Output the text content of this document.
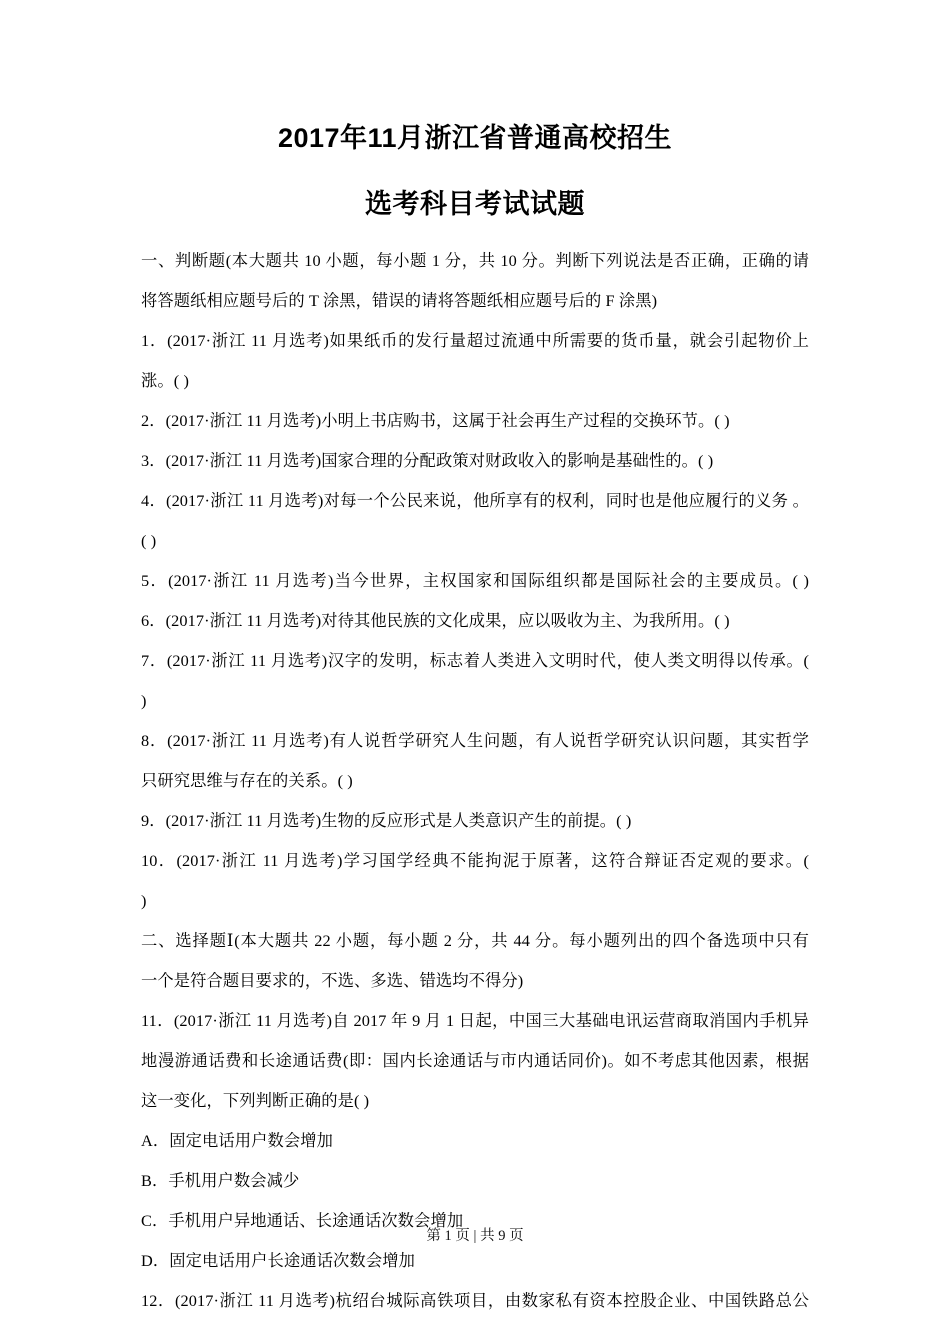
2017年11月浙江省普通高校招生
选考科目考试试题
一、判断题(本大题共 10 小题，每小题 1 分，共 10 分。判断下列说法是否正确，正确的请
将答题纸相应题号后的 T 涂黑，错误的请将答题纸相应题号后的 F 涂黑)
1．(2017·浙江 11 月选考)如果纸币的发行量超过流通中所需要的货币量，就会引起物价上
涨。( )
2．(2017·浙江 11 月选考)小明上书店购书，这属于社会再生产过程的交换环节。( )
3．(2017·浙江 11 月选考)国家合理的分配政策对财政收入的影响是基础性的。( )
4．(2017·浙江 11 月选考)对每一个公民来说，他所享有的权利，同时也是他应履行的义务 。
( )
5．(2017·浙江 11 月选考)当今世界，主权国家和国际组织都是国际社会的主要成员。( )
6．(2017·浙江 11 月选考)对待其他民族的文化成果，应以吸收为主、为我所用。( )
7．(2017·浙江 11 月选考)汉字的发明，标志着人类进入文明时代，使人类文明得以传承。(
)
8．(2017·浙江 11 月选考)有人说哲学研究人生问题，有人说哲学研究认识问题，其实哲学
只研究思维与存在的关系。( )
9．(2017·浙江 11 月选考)生物的反应形式是人类意识产生的前提。( )
10．(2017·浙江 11 月选考)学习国学经典不能拘泥于原著，这符合辩证否定观的要求。(
)
二、选择题Ⅰ(本大题共 22 小题，每小题 2 分，共 44 分。每小题列出的四个备选项中只有
一个是符合题目要求的，不选、多选、错选均不得分)
11．(2017·浙江 11 月选考)自 2017 年 9 月 1 日起，中国三大基础电讯运营商取消国内手机异
地漫游通话费和长途通话费(即：国内长途通话与市内通话同价)。如不考虑其他因素，根据
这一变化，下列判断正确的是( )
A．固定电话用户数会增加
B．手机用户数会减少
C．手机用户异地通话、长途通话次数会增加
D．固定电话用户长途通话次数会增加
12．(2017·浙江 11 月选考)杭绍台城际高铁项目，由数家私有资本控股企业、中国铁路总公
第 1 页 | 共 9 页
